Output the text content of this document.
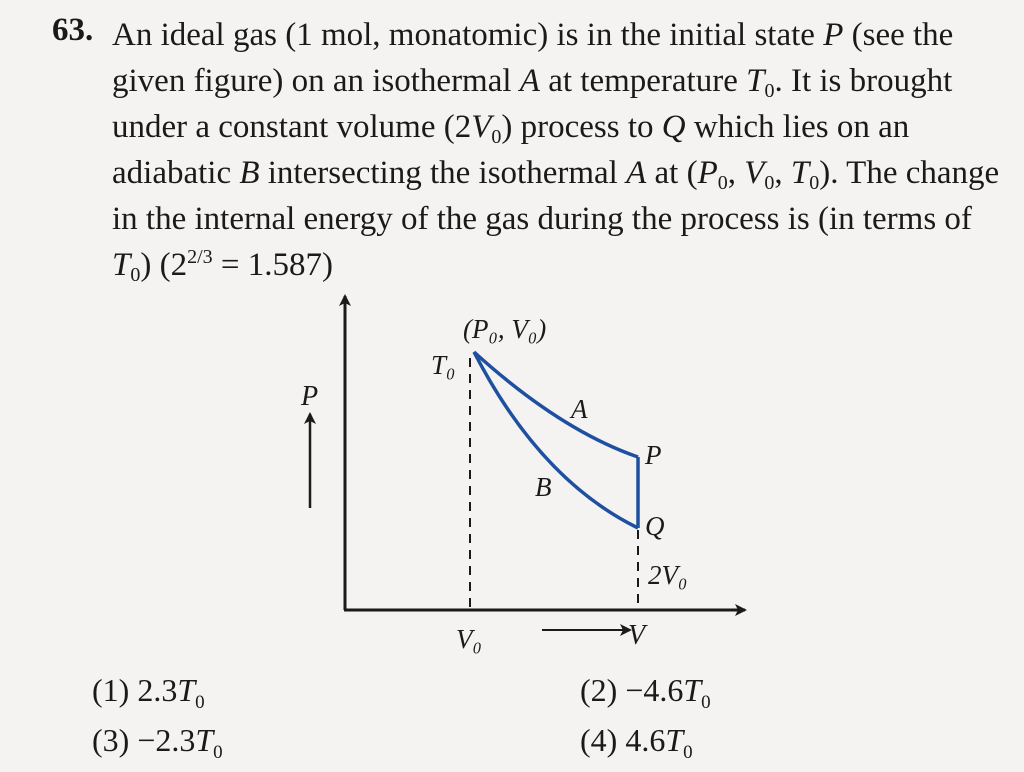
63. An ideal gas (1 mol, monatomic) is in the initial state P (see the given figure) on an isothermal A at temperature $T_0$. It is brought under a constant volume $(2V_0)$ process to Q which lies on an adiabatic B intersecting the isothermal A at ($P_0$, $V_0$, $T_0$). The change in the internal energy of the gas during the process is (in terms of $T_0$) $(2^{2/3} = 1.587)$
P
V
(P₀, V₀)
T₀
A
B
P
Q
2V₀
V₀
(1) $2.3T_0$	$(2) -4.6T_0$
$(3) -2.3T_0$	(4) $4.6T_0$
